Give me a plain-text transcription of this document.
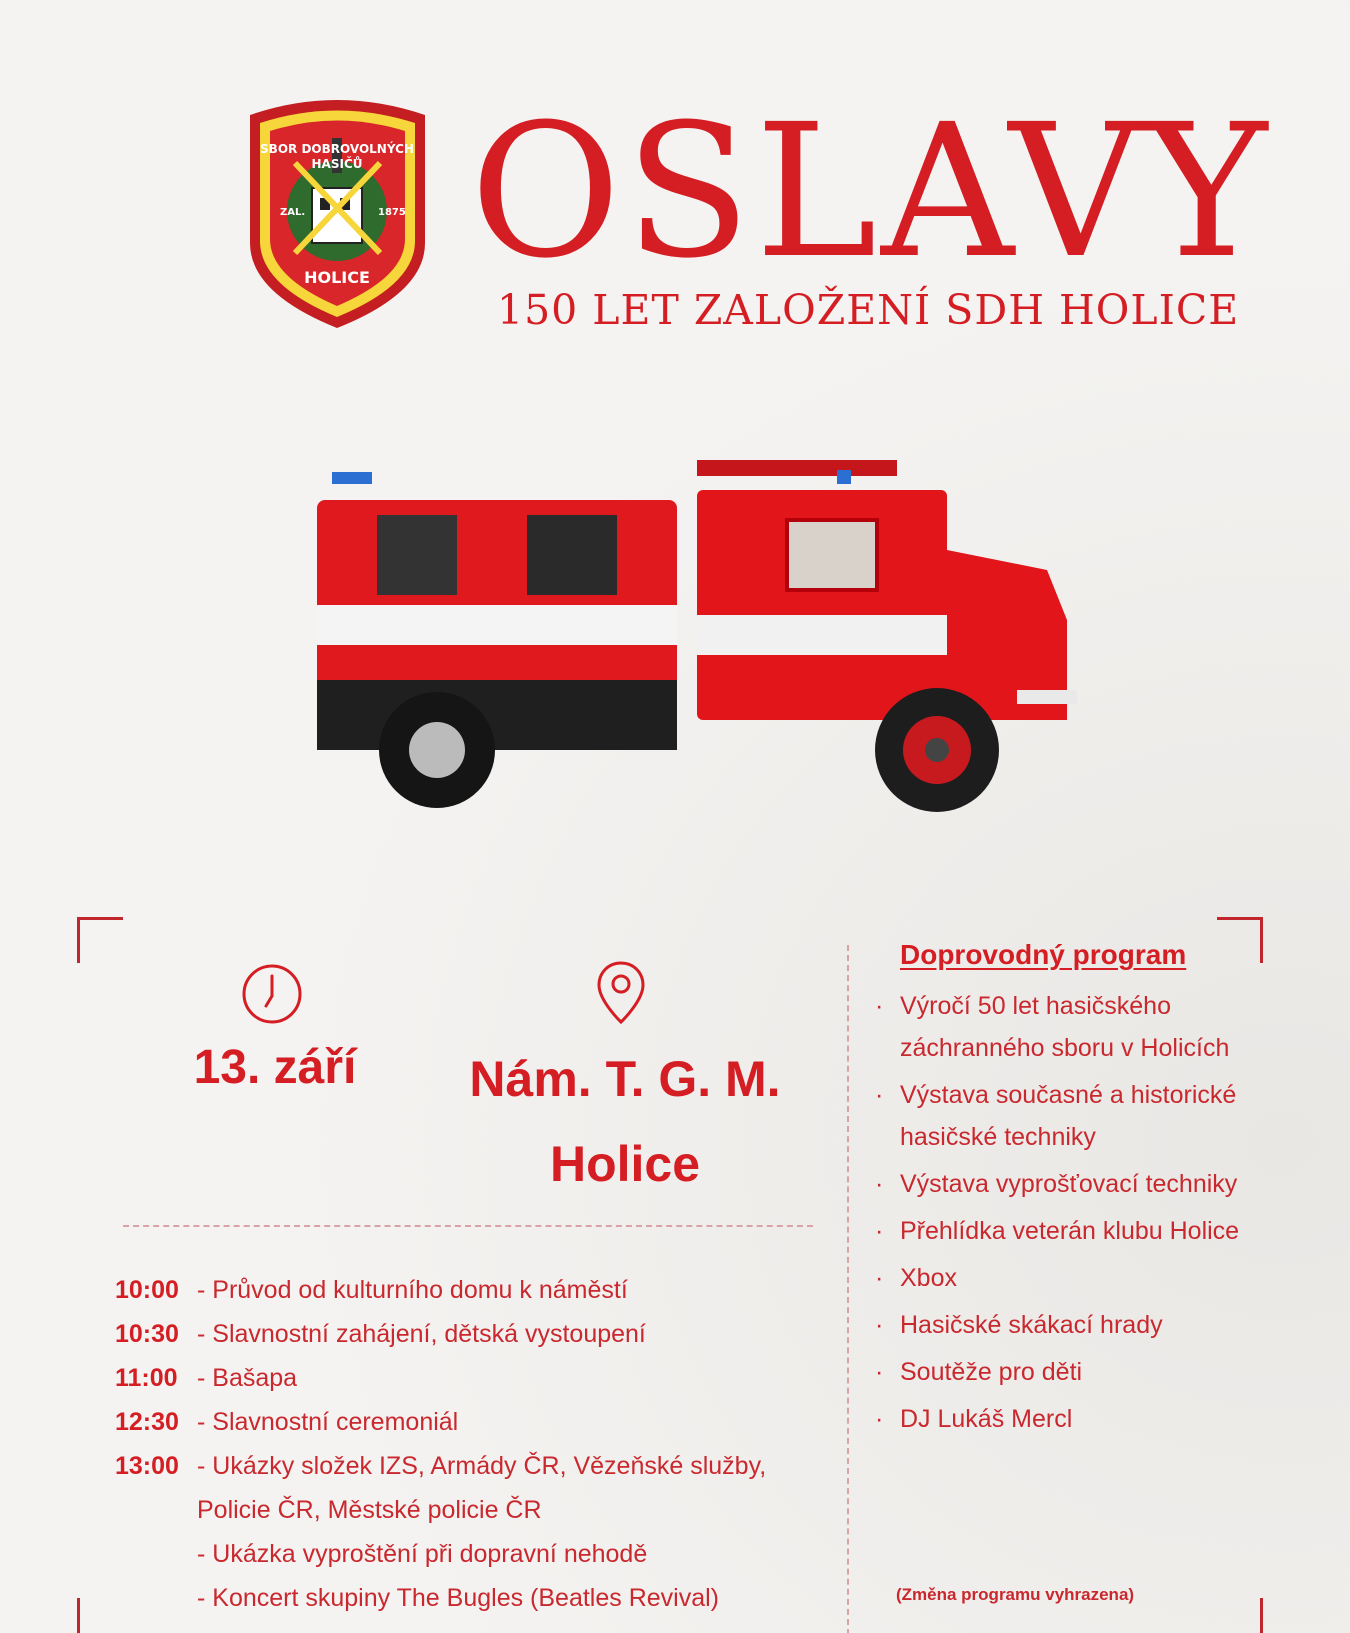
SBOR DOBROVOLNÝCH
HASIČŮ
ZAL.	1875
HOLICE OSLAVY
150 LET ZALOŽENÍ SDH HOLICE
13. září	Nám. T. G. M.
Holice
10:00 - Průvod od kulturního domu k náměstí
10:30 - Slavnostní zahájení, dětská vystoupení
11:00 - Bašapa
12:30 - Slavnostní ceremoniál
13:00 - Ukázky složek IZS, Armády ČR, Vězeňské služby,
Policie ČR, Městské policie ČR
- Ukázka vyproštění při dopravní nehodě
- Koncert skupiny The Bugles (Beatles Revival)
Doprovodný program
· Výročí 50 let hasičského záchranného sboru v Holicích
· Výstava současné a historické hasičské techniky
· Výstava vyprošťovací techniky
· Přehlídka veterán klubu Holice
· Xbox
· Hasičské skákací hrady
· Soutěže pro děti
· DJ Lukáš Mercl
(Změna programu vyhrazena)
